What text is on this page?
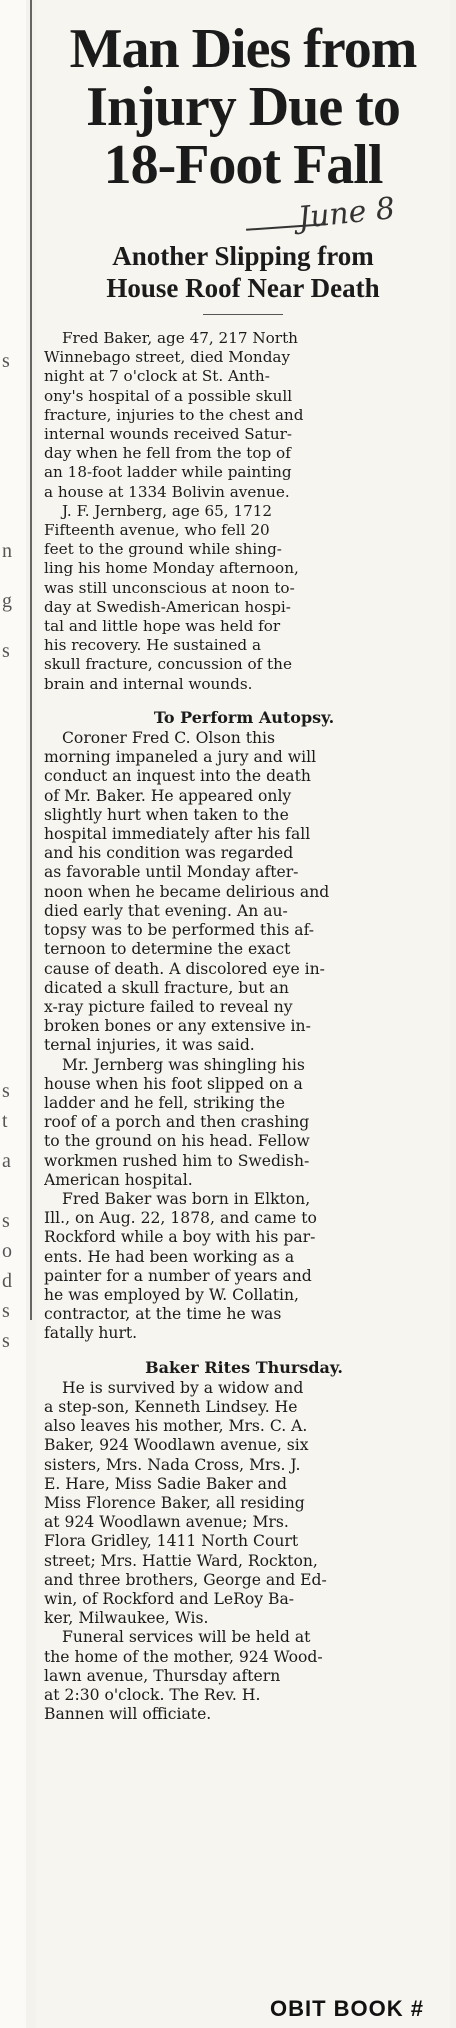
s
n
g
s
s
t
a
s
o
d
s
s
Man Dies from
Injury Due to
18-Foot Fall
June 8
Another Slipping from
House Roof Near Death
Fred Baker, age 47, 217 North
Winnebago street, died Monday
night at 7 o'clock at St. Anth-
ony's hospital of a possible skull
fracture, injuries to the chest and
internal wounds received Satur-
day when he fell from the top of
an 18-foot ladder while painting
a house at 1334 Bolivin avenue.
J. F. Jernberg, age 65, 1712
Fifteenth avenue, who fell 20
feet to the ground while shing-
ling his home Monday afternoon,
was still unconscious at noon to-
day at Swedish-American hospi-
tal and little hope was held for
his recovery. He sustained a
skull fracture, concussion of the
brain and internal wounds.
To Perform Autopsy.
Coroner Fred C. Olson this
morning impaneled a jury and will
conduct an inquest into the death
of Mr. Baker. He appeared only
slightly hurt when taken to the
hospital immediately after his fall
and his condition was regarded
as favorable until Monday after-
noon when he became delirious and
died early that evening. An au-
topsy was to be performed this af-
ternoon to determine the exact
cause of death. A discolored eye in-
dicated a skull fracture, but an
x-ray picture failed to reveal ny
broken bones or any extensive in-
ternal injuries, it was said.
Mr. Jernberg was shingling his
house when his foot slipped on a
ladder and he fell, striking the
roof of a porch and then crashing
to the ground on his head. Fellow
workmen rushed him to Swedish-
American hospital.
Fred Baker was born in Elkton,
Ill., on Aug. 22, 1878, and came to
Rockford while a boy with his par-
ents. He had been working as a
painter for a number of years and
he was employed by W. Collatin,
contractor, at the time he was
fatally hurt.
Baker Rites Thursday.
He is survived by a widow and
a step-son, Kenneth Lindsey. He
also leaves his mother, Mrs. C. A.
Baker, 924 Woodlawn avenue, six
sisters, Mrs. Nada Cross, Mrs. J.
E. Hare, Miss Sadie Baker and
Miss Florence Baker, all residing
at 924 Woodlawn avenue; Mrs.
Flora Gridley, 1411 North Court
street; Mrs. Hattie Ward, Rockton,
and three brothers, George and Ed-
win, of Rockford and LeRoy Ba-
ker, Milwaukee, Wis.
Funeral services will be held at
the home of the mother, 924 Wood-
lawn avenue, Thursday aftern
at 2:30 o'clock. The Rev. H.
Bannen will officiate.
OBIT BOOK #
